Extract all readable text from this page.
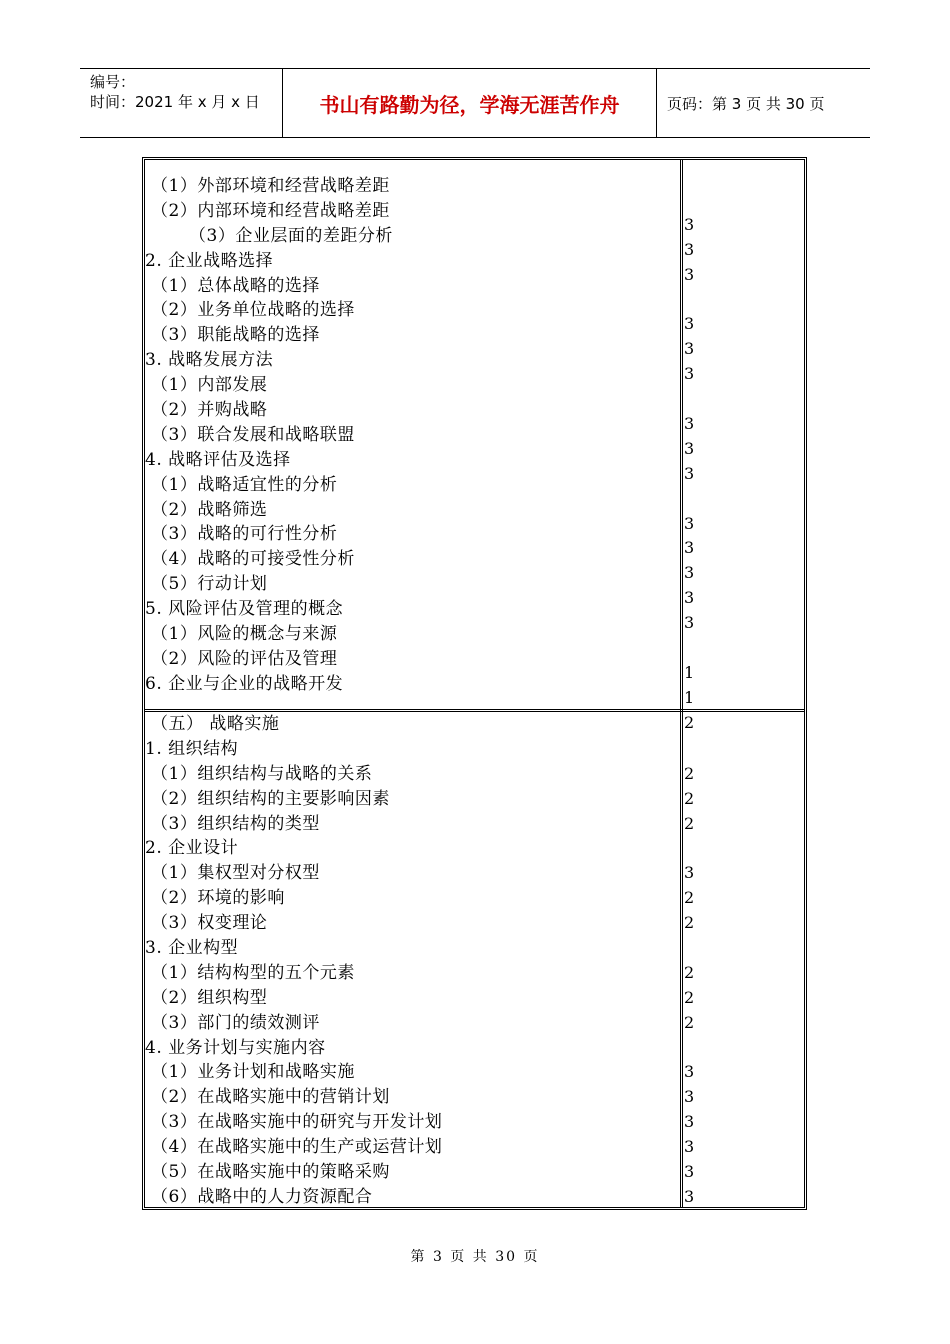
编号：
时间：2021 年 x 月 x 日	书山有路勤为径，学海无涯苦作舟	页码：第 3 页 共 30 页
（1）外部环境和经营战略差距
（2）内部环境和经营战略差距
（3）企业层面的差距分析
2. 企业战略选择
（1）总体战略的选择
（2）业务单位战略的选择
（3）职能战略的选择
3. 战略发展方法
（1）内部发展
（2）并购战略
（3）联合发展和战略联盟
4. 战略评估及选择
（1）战略适宜性的分析
（2）战略筛选
（3）战略的可行性分析
（4）战略的可接受性分析
（5）行动计划
5. 风险评估及管理的概念
（1）风险的概念与来源
（2）风险的评估及管理
6. 企业与企业的战略开发
3
3
3
3
3
3
3
3
3
3
3
3
3
3
1
1
2
（五） 战略实施
1. 组织结构
（1）组织结构与战略的关系
（2）组织结构的主要影响因素
（3）组织结构的类型
2. 企业设计
（1）集权型对分权型
（2）环境的影响
（3）权变理论
3. 企业构型
（1）结构构型的五个元素
（2）组织构型
（3）部门的绩效测评
4. 业务计划与实施内容
（1）业务计划和战略实施
（2）在战略实施中的营销计划
（3）在战略实施中的研究与开发计划
（4）在战略实施中的生产或运营计划
（5）在战略实施中的策略采购
（6）战略中的人力资源配合
2
2
2
3
2
2
2
2
2
3
3
3
3
3
3
第 3 页 共 30 页
